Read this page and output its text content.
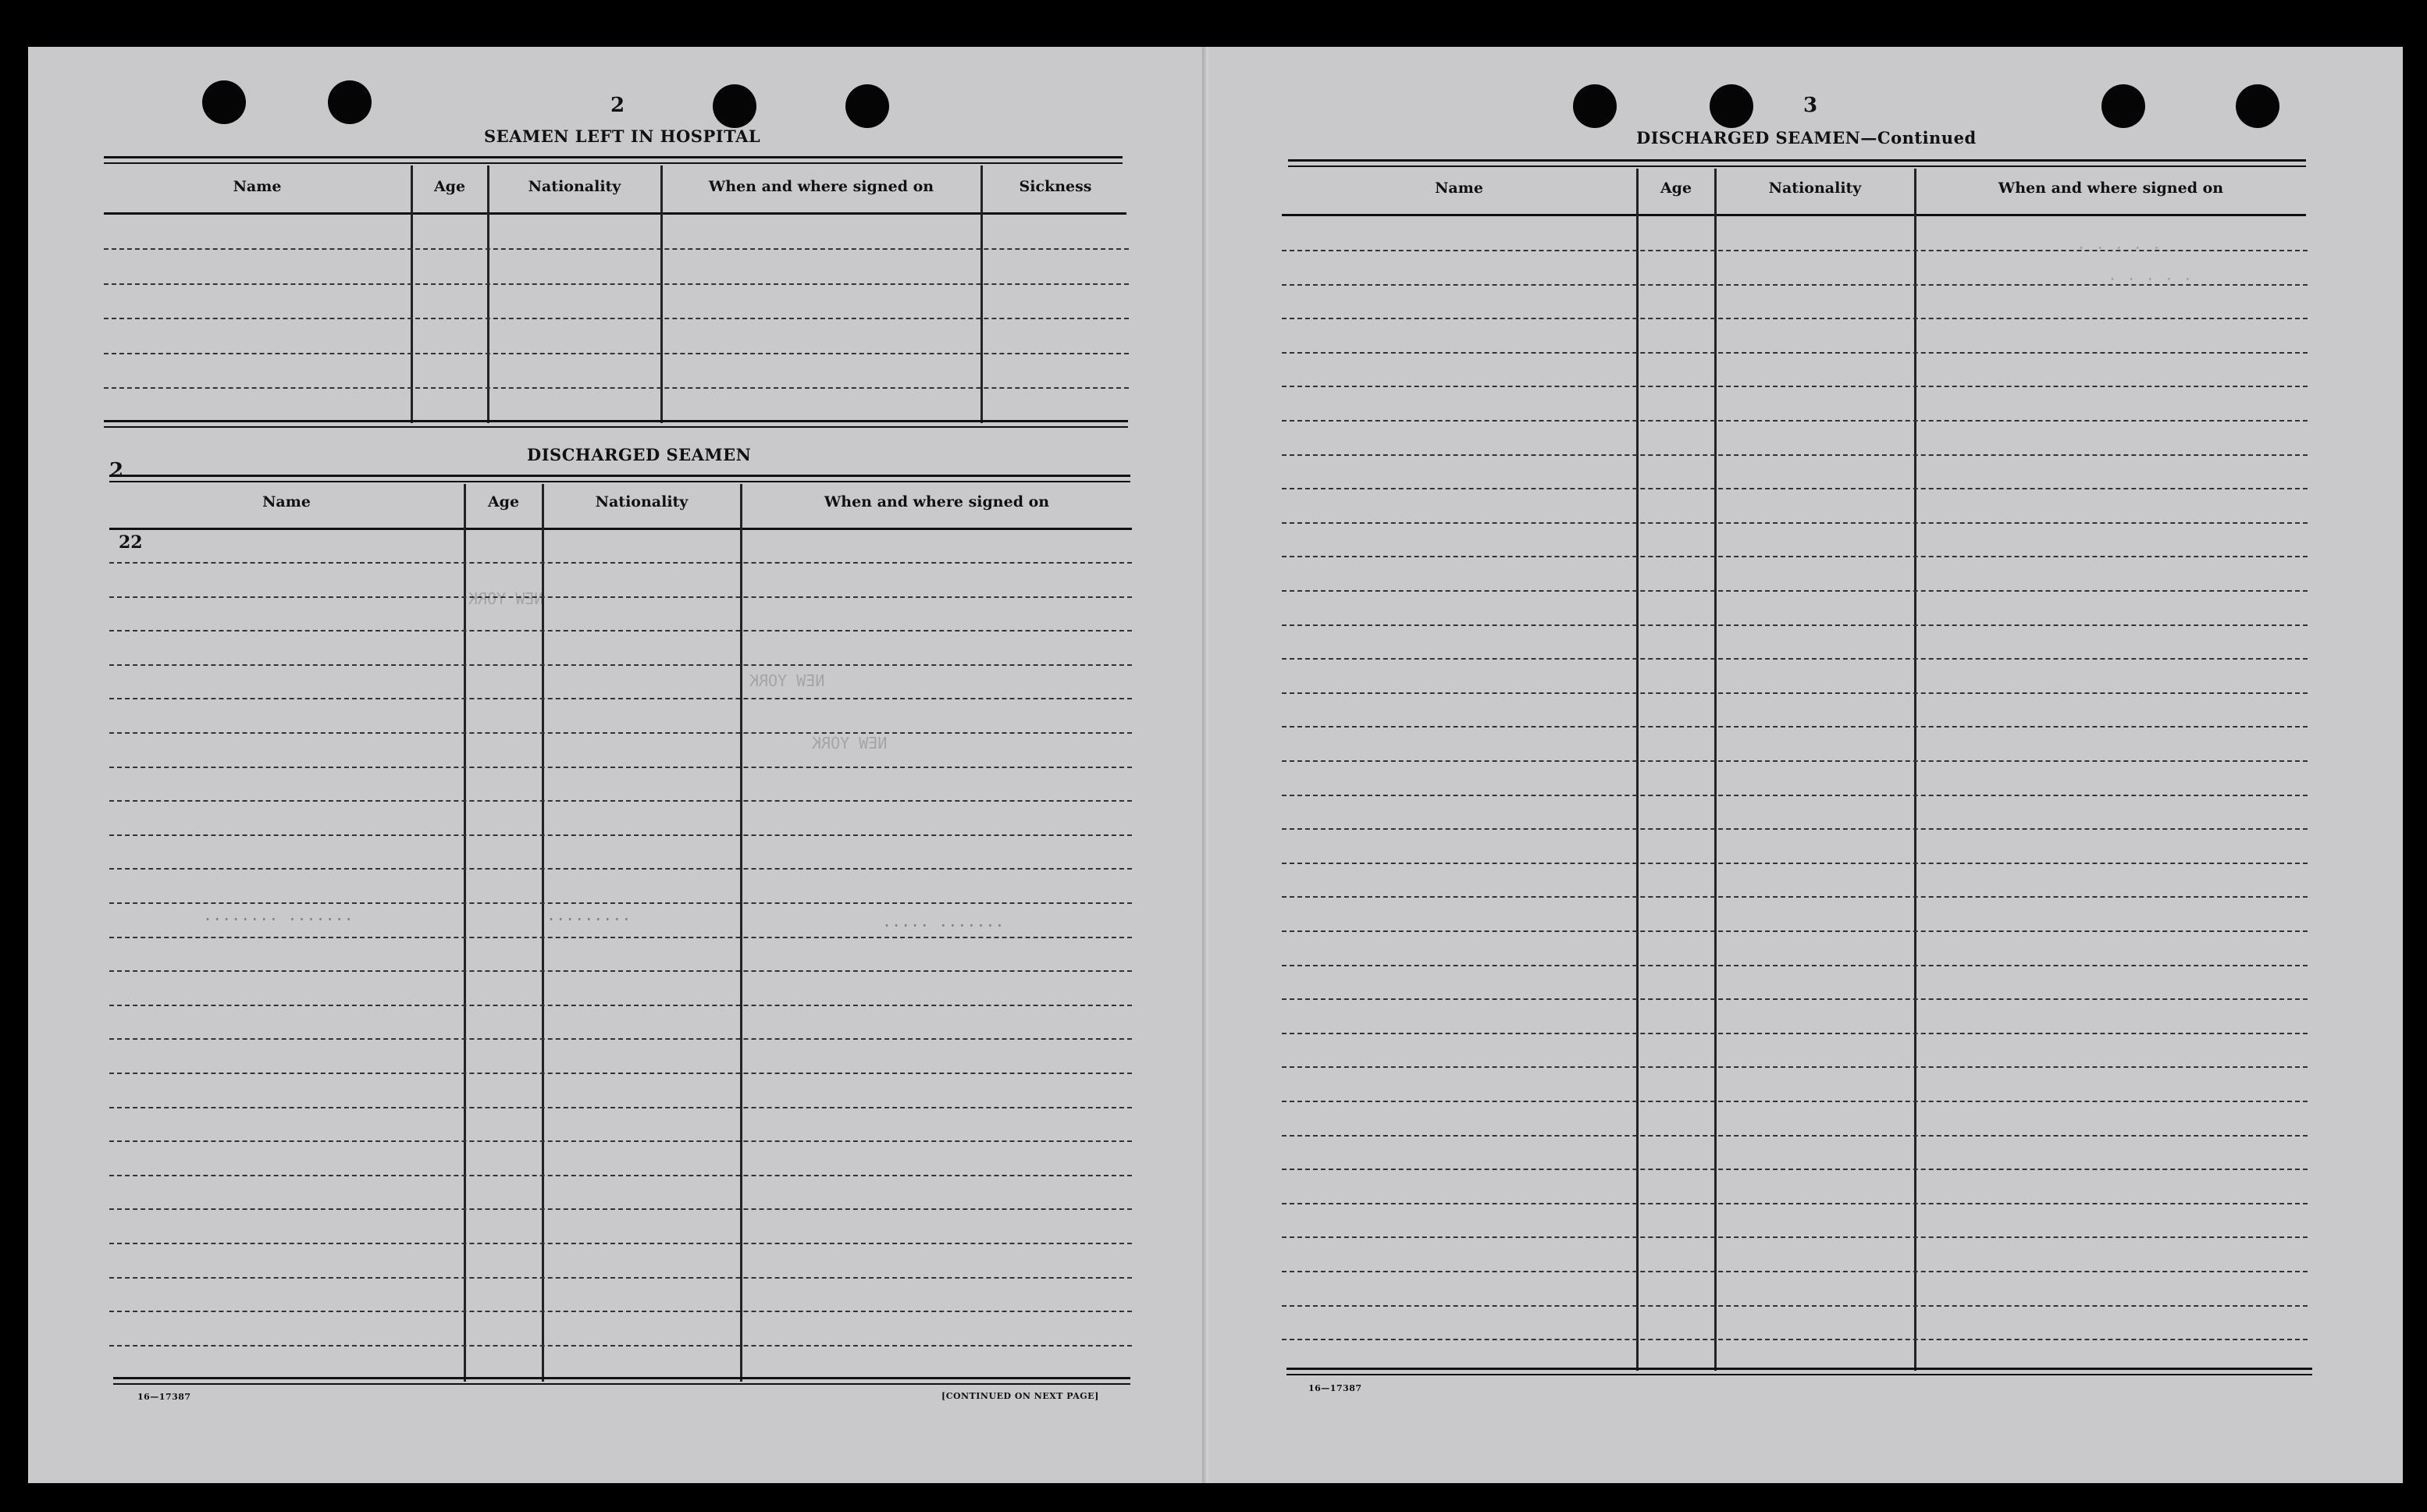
2
SEAMEN LEFT IN HOSPITAL
Name	Age	Nationality	When and where signed on	Sickness
DISCHARGED SEAMEN
2
Name	Age	Nationality	When and where signed on
22
16—17387	[CONTINUED ON NEXT PAGE]
NEW YORK
NEW YORK
NEW YORK
....... ........	.........	....... .....
3
DISCHARGED SEAMEN—Continued
Name	Age	Nationality	When and where signed on
16—17387
. . . . .
. . . . .
